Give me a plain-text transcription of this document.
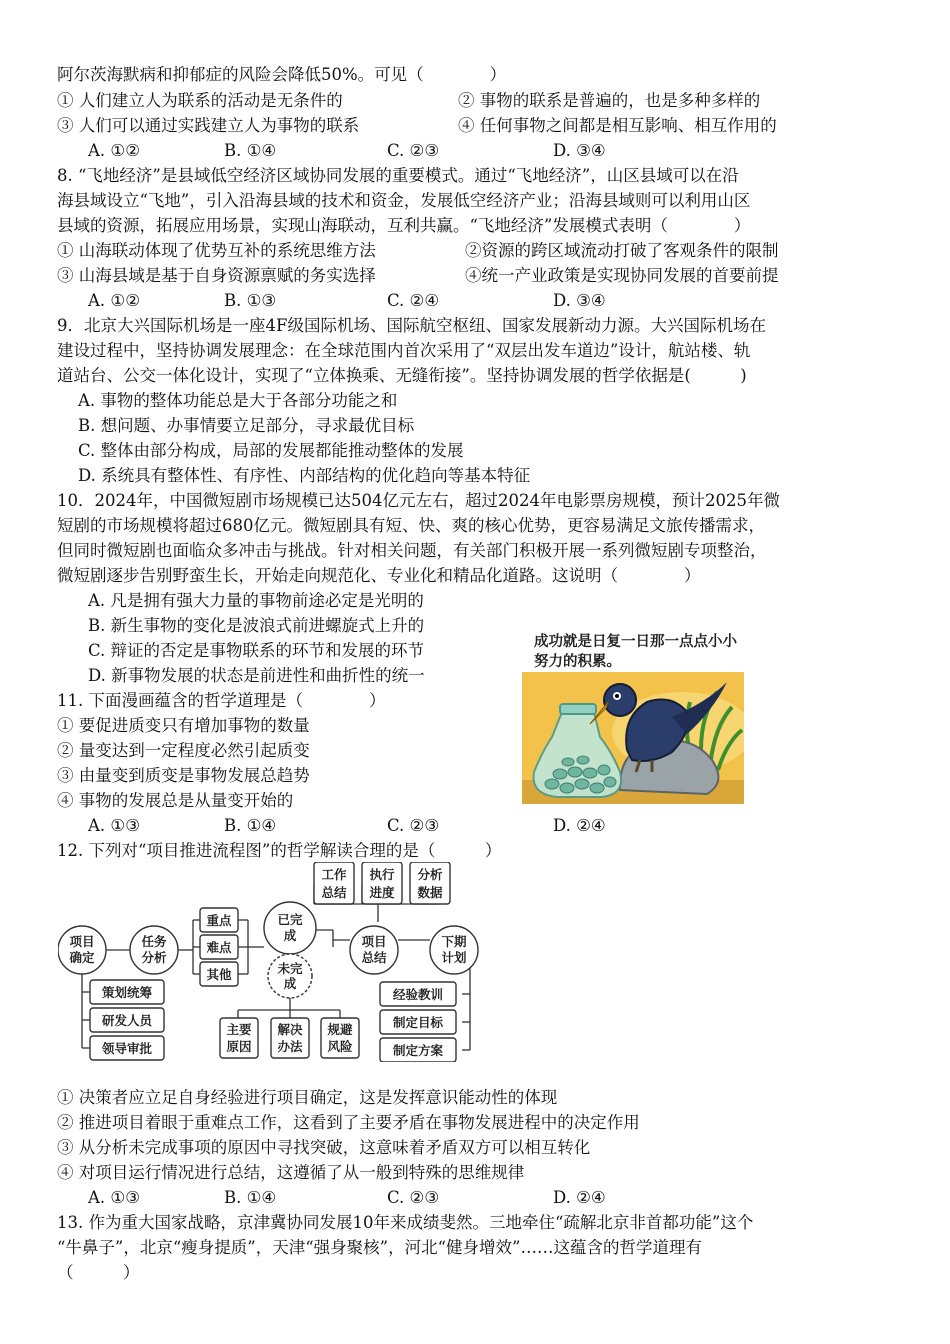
阿尔茨海默病和抑郁症的风险会降低50%。可见（　　　　）
① 人们建立人为联系的活动是无条件的	② 事物的联系是普遍的，也是多种多样的
③ 人们可以通过实践建立人为事物的联系	④ 任何事物之间都是相互影响、相互作用的
A. ①②	B. ①④	C. ②③	D. ③④
8. “飞地经济”是县域低空经济区域协同发展的重要模式。通过“飞地经济”，山区县域可以在沿
海县域设立“飞地”，引入沿海县域的技术和资金，发展低空经济产业；沿海县域则可以利用山区
县域的资源，拓展应用场景，实现山海联动，互利共赢。“飞地经济”发展模式表明（　　　　）
① 山海联动体现了优势互补的系统思维方法	②资源的跨区域流动打破了客观条件的限制
③ 山海县域是基于自身资源禀赋的务实选择	④统一产业政策是实现协同发展的首要前提
A. ①②	B. ①③	C. ②④	D. ③④
9．北京大兴国际机场是一座4F级国际机场、国际航空枢纽、国家发展新动力源。大兴国际机场在
建设过程中，坚持协调发展理念：在全球范围内首次采用了“双层出发车道边”设计，航站楼、轨
道站台、公交一体化设计，实现了“立体换乘、无缝衔接”。坚持协调发展的哲学依据是(　　　)
A. 事物的整体功能总是大于各部分功能之和
B. 想问题、办事情要立足部分，寻求最优目标
C. 整体由部分构成，局部的发展都能推动整体的发展
D. 系统具有整体性、有序性、内部结构的优化趋向等基本特征
10．2024年，中国微短剧市场规模已达504亿元左右，超过2024年电影票房规模，预计2025年微
短剧的市场规模将超过680亿元。微短剧具有短、快、爽的核心优势，更容易满足文旅传播需求，
但同时微短剧也面临众多冲击与挑战。针对相关问题，有关部门积极开展一系列微短剧专项整治，
微短剧逐步告别野蛮生长，开始走向规范化、专业化和精品化道路。这说明（　　　　）
A. 凡是拥有强大力量的事物前途必定是光明的
B. 新生事物的变化是波浪式前进螺旋式上升的
C. 辩证的否定是事物联系的环节和发展的环节
D. 新事物发展的状态是前进性和曲折性的统一
11. 下面漫画蕴含的哲学道理是（　　　　）
① 要促进质变只有增加事物的数量
② 量变达到一定程度必然引起质变
③ 由量变到质变是事物发展总趋势
④ 事物的发展总是从量变开始的
A. ①③	B. ①④	C. ②③	D. ②④
12. 下列对“项目推进流程图”的哲学解读合理的是（　　　）
① 决策者应立足自身经验进行项目确定，这是发挥意识能动性的体现
② 推进项目着眼于重难点工作，这看到了主要矛盾在事物发展进程中的决定作用
③ 从分析未完成事项的原因中寻找突破，这意味着矛盾双方可以相互转化
④ 对项目运行情况进行总结，这遵循了从一般到特殊的思维规律
A. ①③	B. ①④	C. ②③	D. ②④
13. 作为重大国家战略，京津冀协同发展10年来成绩斐然。三地牵住“疏解北京非首都功能”这个
“牛鼻子”，北京“瘦身提质”，天津“强身聚核”，河北“健身增效”……这蕴含的哲学道理有
（　　　）
成功就是日复一日那一点点小小努力的积累。
项目
确定
任务
分析
重点
难点
其他
已完
成
未完
成
项目
总结
下期
计划
工作
总结
执行
进度
分析
数据
策划统筹
研发人员
领导审批
主要
原因
解决
办法
规避
风险
经验教训
制定目标
制定方案
